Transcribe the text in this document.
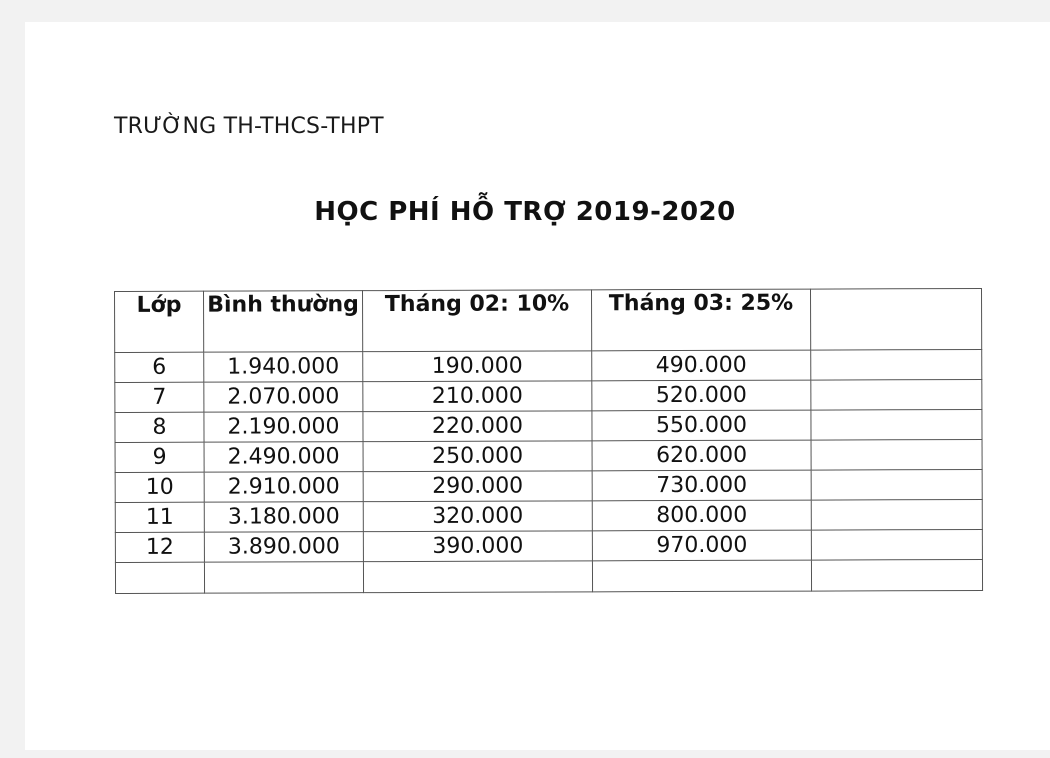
TRƯỜNG TH-THCS-THPT
HỌC PHÍ HỖ TRỢ 2019-2020
Lớp	Bình thường	Tháng 02: 10%	Tháng 03: 25%	
6	1.940.000	190.000	490.000	
7	2.070.000	210.000	520.000	
8	2.190.000	220.000	550.000	
9	2.490.000	250.000	620.000	
10	2.910.000	290.000	730.000	
11	3.180.000	320.000	800.000	
12	3.890.000	390.000	970.000	
